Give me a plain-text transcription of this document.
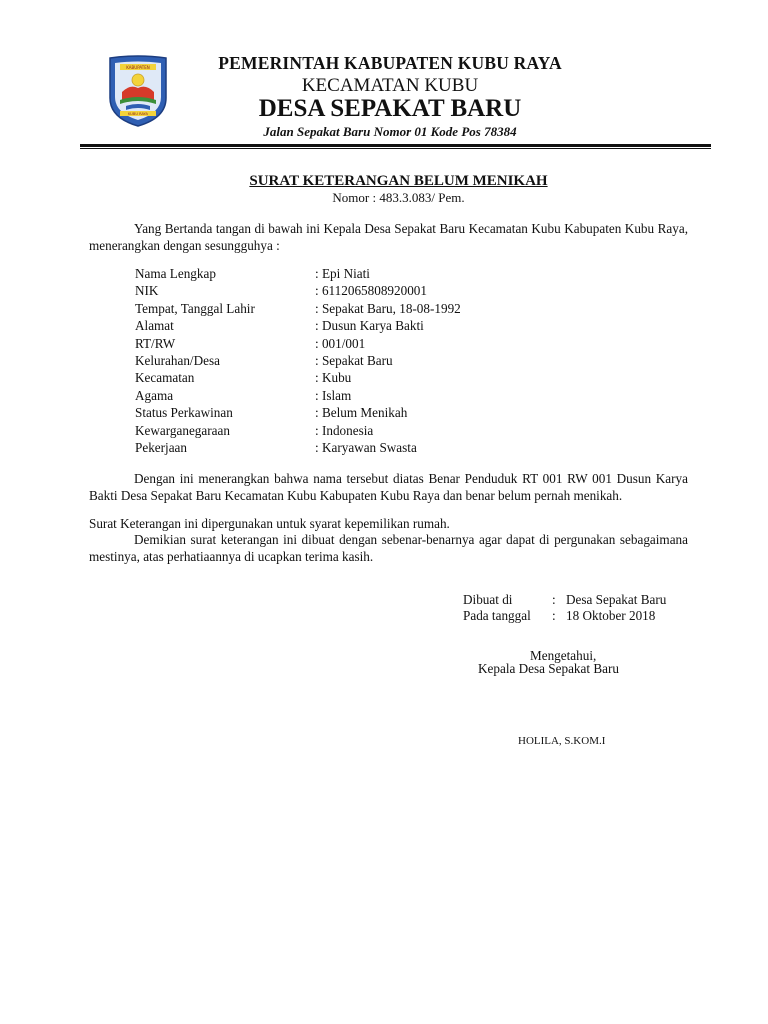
KABUPATEN
KUBU RAYA
PEMERINTAH KABUPATEN KUBU RAYA
KECAMATAN KUBU
DESA SEPAKAT BARU
Jalan Sepakat Baru Nomor 01 Kode Pos 78384
SURAT KETERANGAN BELUM MENIKAH
Nomor : 483.3.083/ Pem.
Yang Bertanda tangan di bawah ini Kepala Desa Sepakat Baru Kecamatan Kubu Kabupaten Kubu Raya, menerangkan dengan sesungguhya :
Nama Lengkap	: Epi Niati
NIK	: 6112065808920001
Tempat, Tanggal Lahir	: Sepakat Baru, 18-08-1992
Alamat	: Dusun Karya Bakti
RT/RW	: 001/001
Kelurahan/Desa	: Sepakat Baru
Kecamatan	: Kubu
Agama	: Islam
Status Perkawinan	: Belum Menikah
Kewarganegaraan	: Indonesia
Pekerjaan	: Karyawan Swasta
Dengan ini menerangkan bahwa nama tersebut diatas Benar Penduduk RT 001 RW 001 Dusun Karya Bakti Desa Sepakat Baru Kecamatan Kubu Kabupaten Kubu Raya dan benar belum pernah menikah.
Surat Keterangan ini dipergunakan untuk syarat kepemilikan rumah.
Demikian surat keterangan ini dibuat dengan sebenar-benarnya agar dapat di pergunakan sebagaimana mestinya, atas perhatiaannya di ucapkan terima kasih.
Dibuat di	: Desa Sepakat Baru
Pada tanggal : 18 Oktober 2018
Mengetahui,
Kepala Desa Sepakat Baru
HOLILA, S.KOM.I
